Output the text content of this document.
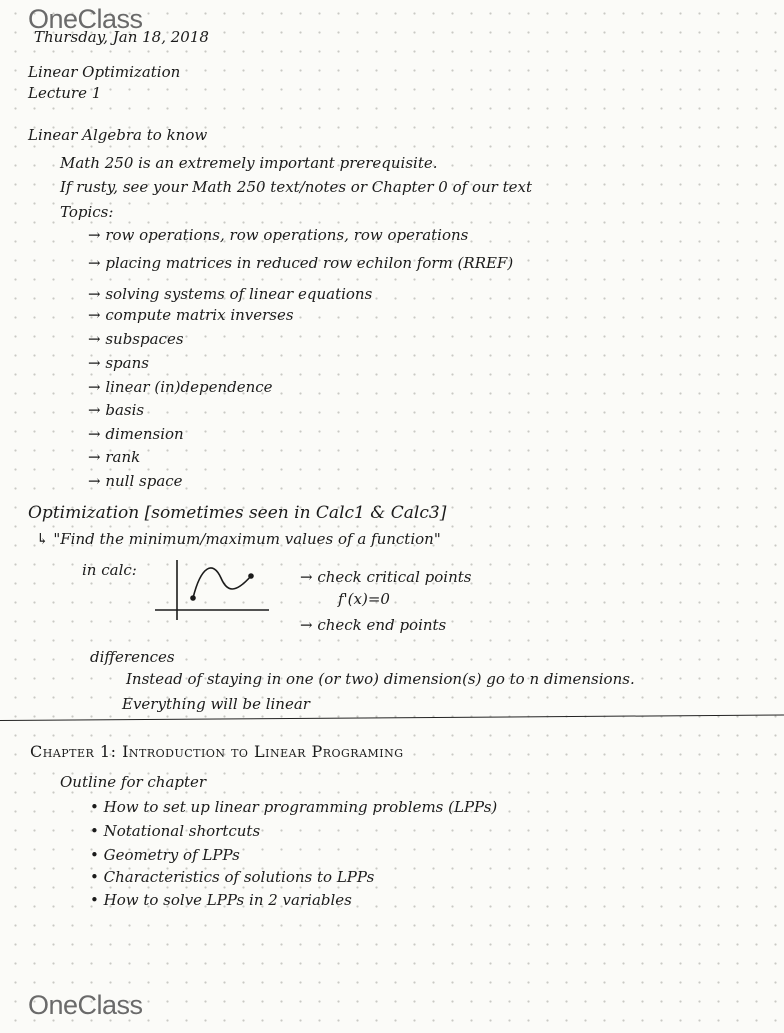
OneClass
Thursday, Jan 18, 2018
Linear Optimization
Lecture 1
Linear Algebra to know
Math 250 is an extremely important prerequisite.
If rusty, see your Math 250 text/notes or Chapter 0 of our text
Topics:
→ row operations, row operations, row operations
→ placing matrices in reduced row echilon form (RREF)
→ solving systems of linear equations
→ compute matrix inverses
→ subspaces
→ spans
→ linear (in)dependence
→ basis
→ dimension
→ rank
→ null space
Optimization [sometimes seen in Calc1 & Calc3]
↳ "Find the minimum/maximum values of a function"
in calc:	→ check critical points
f'(x)=0
→ check end points
differences
Instead of staying in one (or two) dimension(s) go to n dimensions.
Everything will be linear
Chapter 1: Introduction to Linear Programing
Outline for chapter
• How to set up linear programming problems (LPPs)
• Notational shortcuts
• Geometry of LPPs
• Characteristics of solutions to LPPs
• How to solve LPPs in 2 variables
OneClass
